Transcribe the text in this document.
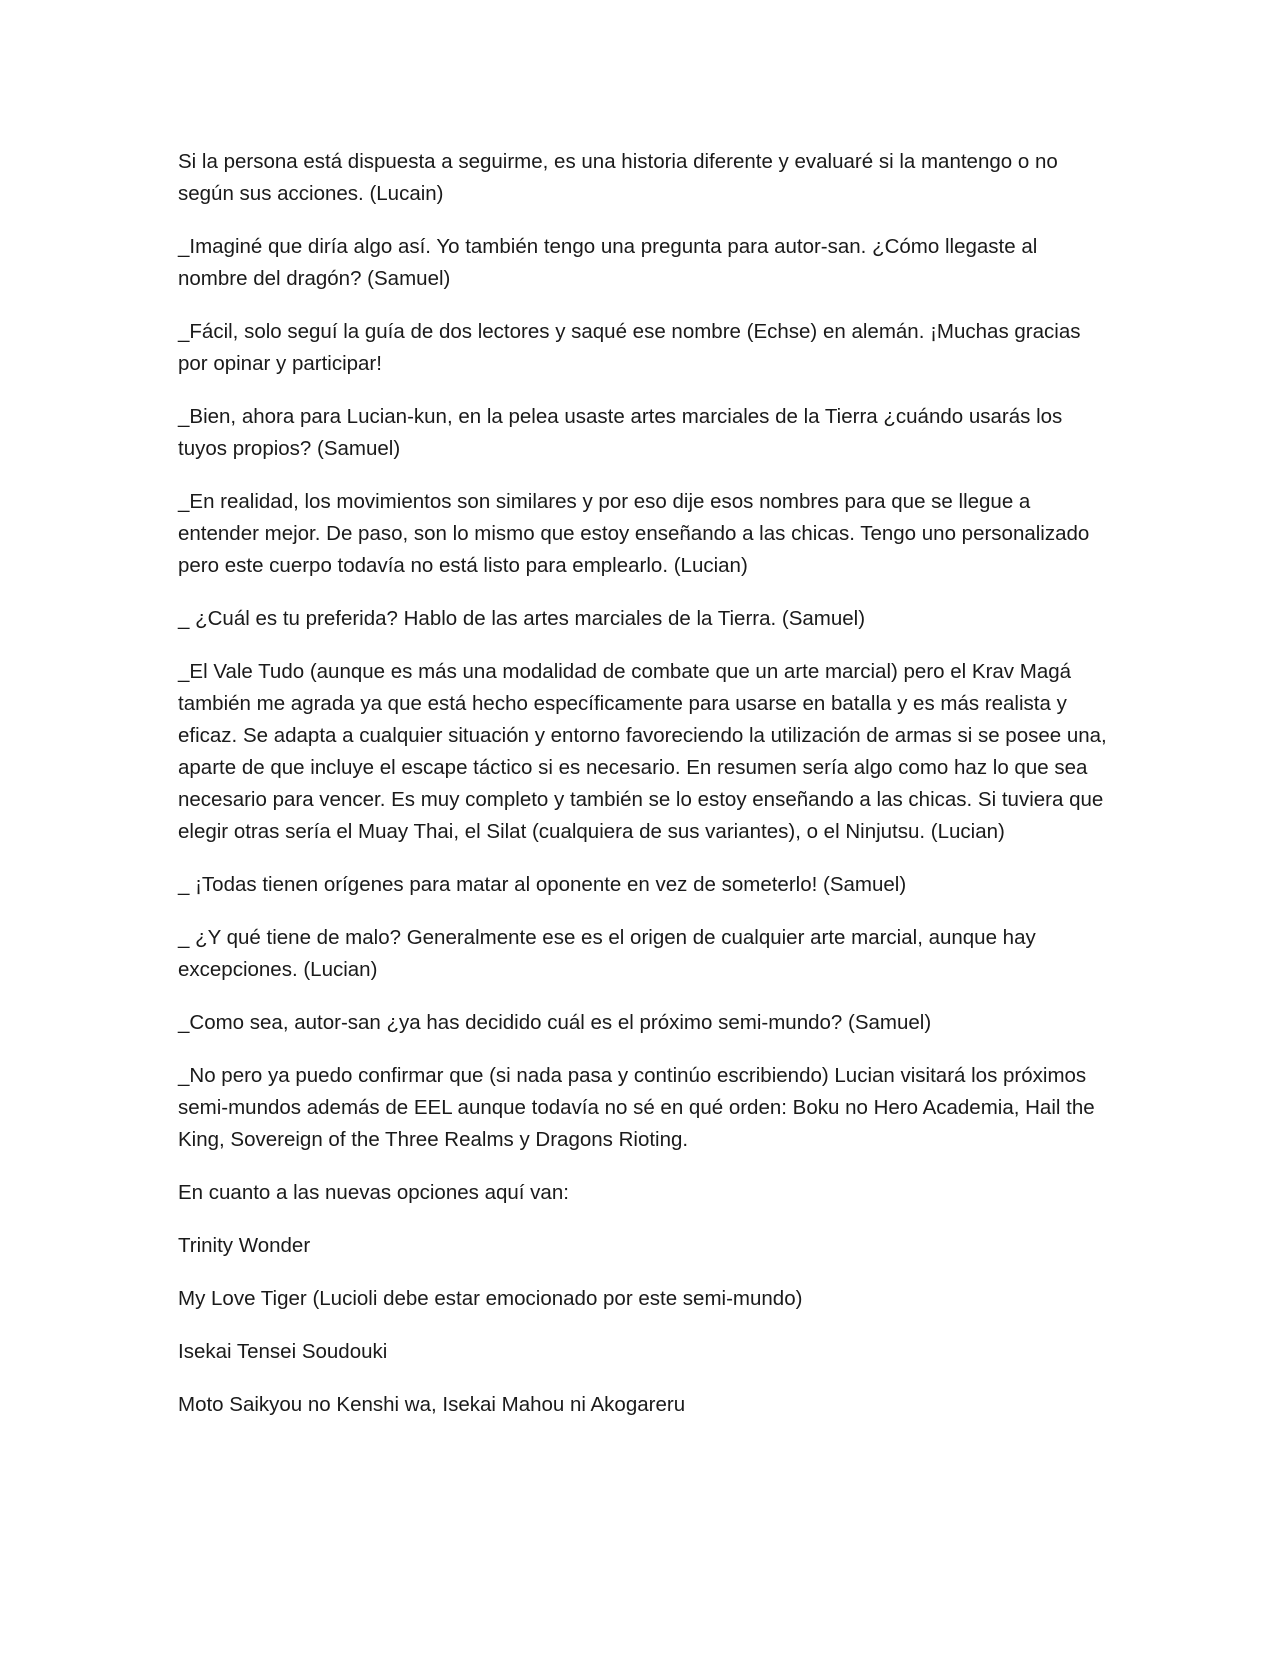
Si la persona está dispuesta a seguirme, es una historia diferente y evaluaré si la mantengo o no según sus acciones. (Lucain)

_Imaginé que diría algo así. Yo también tengo una pregunta para autor-san. ¿Cómo llegaste al nombre del dragón? (Samuel)

_Fácil, solo seguí la guía de dos lectores y saqué ese nombre (Echse) en alemán. ¡Muchas gracias por opinar y participar!

_Bien, ahora para Lucian-kun, en la pelea usaste artes marciales de la Tierra ¿cuándo usarás los tuyos propios? (Samuel)

_En realidad, los movimientos son similares y por eso dije esos nombres para que se llegue a entender mejor. De paso, son lo mismo que estoy enseñando a las chicas. Tengo uno personalizado pero este cuerpo todavía no está listo para emplearlo. (Lucian)

_ ¿Cuál es tu preferida? Hablo de las artes marciales de la Tierra. (Samuel)

_El Vale Tudo (aunque es más una modalidad de combate que un arte marcial) pero el Krav Magá también me agrada ya que está hecho específicamente para usarse en batalla y es más realista y eficaz. Se adapta a cualquier situación y entorno favoreciendo la utilización de armas si se posee una, aparte de que incluye el escape táctico si es necesario. En resumen sería algo como haz lo que sea necesario para vencer. Es muy completo y también se lo estoy enseñando a las chicas. Si tuviera que elegir otras sería el Muay Thai, el Silat (cualquiera de sus variantes), o el Ninjutsu. (Lucian)

_ ¡Todas tienen orígenes para matar al oponente en vez de someterlo! (Samuel)

_ ¿Y qué tiene de malo? Generalmente ese es el origen de cualquier arte marcial, aunque hay excepciones. (Lucian)

_Como sea, autor-san ¿ya has decidido cuál es el próximo semi-mundo? (Samuel)

_No pero ya puedo confirmar que (si nada pasa y continúo escribiendo) Lucian visitará los próximos semi-mundos además de EEL aunque todavía no sé en qué orden: Boku no Hero Academia, Hail the King, Sovereign of the Three Realms y Dragons Rioting.

En cuanto a las nuevas opciones aquí van:

Trinity Wonder

My Love Tiger (Lucioli debe estar emocionado por este semi-mundo)

Isekai Tensei Soudouki

Moto Saikyou no Kenshi wa, Isekai Mahou ni Akogareru
